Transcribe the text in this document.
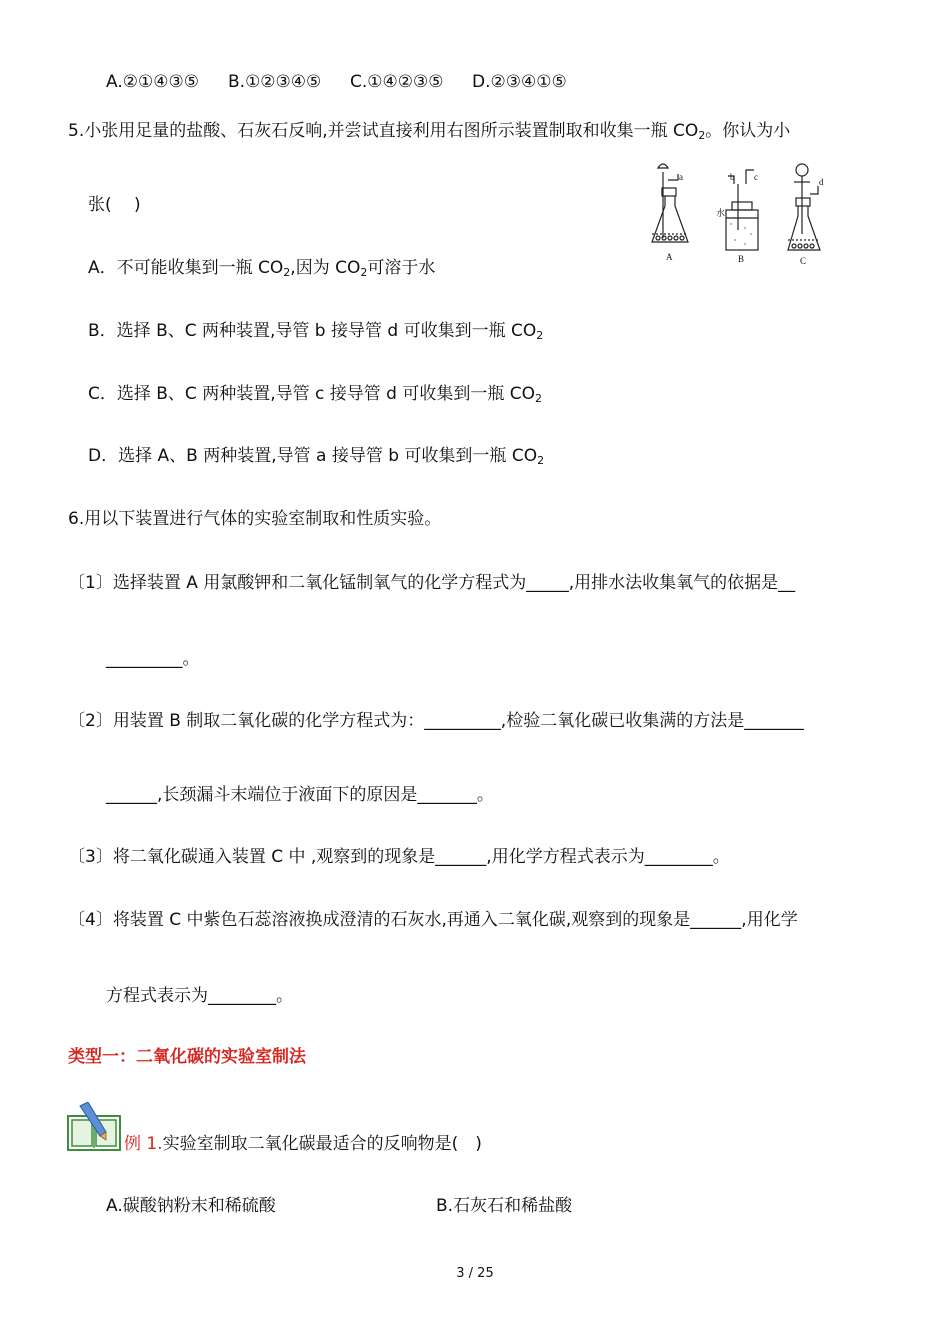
A.②①④③⑤ B.①②③④⑤ C.①④②③⑤ D.②③④①⑤
5.小张用足量的盐酸、石灰石反响,并尝试直接利用右图所示装置制取和收集一瓶 $CO_2$。你认为小
张(　 )
a	b c	d
水
A	B	C
A．不可能收集到一瓶 $CO_2$,因为 $CO_2$可溶于水
B．选择 B、C 两种装置,导管 b 接导管 d 可收集到一瓶 $CO_2$
C．选择 B、C 两种装置,导管 c 接导管 d 可收集到一瓶 $CO_2$
D．选择 A、B 两种装置,导管 a 接导管 b 可收集到一瓶 $CO_2$
6.用以下装置进行气体的实验室制取和性质实验。
〔1〕选择装置 A 用氯酸钾和二氧化锰制氧气的化学方程式为_____,用排水法收集氧气的依据是__
_________。
〔2〕用装置 B 制取二氧化碳的化学方程式为：_________,检验二氧化碳已收集满的方法是_______
______,长颈漏斗末端位于液面下的原因是_______。
〔3〕将二氧化碳通入装置 C 中 ,观察到的现象是______,用化学方程式表示为________。
〔4〕将装置 C 中紫色石蕊溶液换成澄清的石灰水,再通入二氧化碳,观察到的现象是______,用化学
方程式表示为________。
类型一：二氧化碳的实验室制法
例 1.实验室制取二氧化碳最适合的反响物是(　)
A.碳酸钠粉末和稀硫酸	B.石灰石和稀盐酸
3 / 25
